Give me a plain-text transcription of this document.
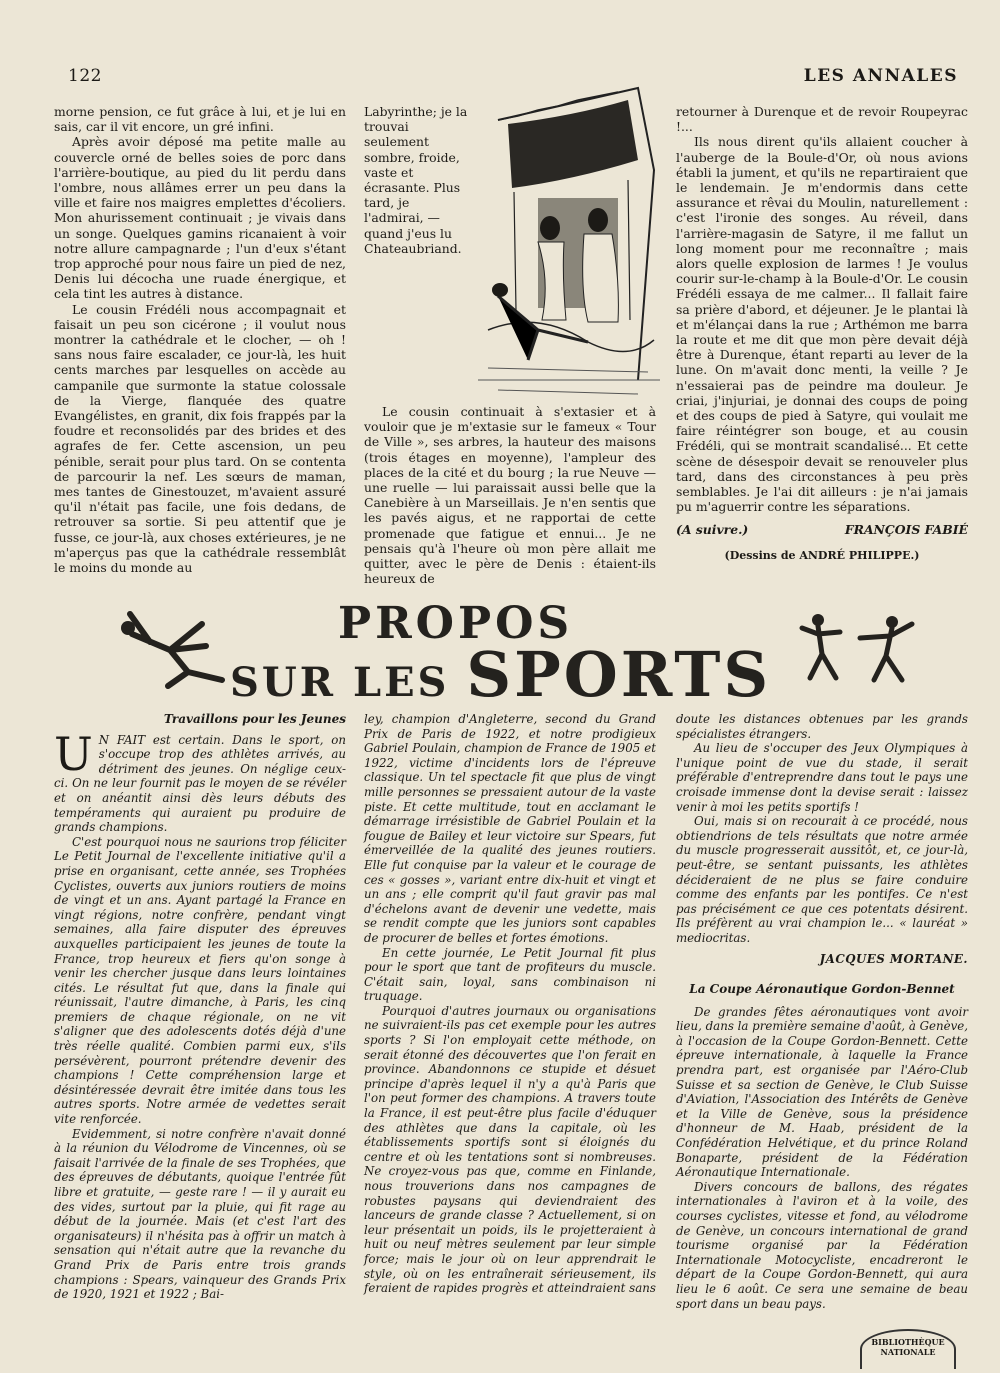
122	LES ANNALES

morne pension, ce fut grâce à lui, et je lui en sais, car il vit encore, un gré infini.

Après avoir déposé ma petite malle au couvercle orné de belles soies de porc dans l'arrière-boutique, au pied du lit perdu dans l'ombre, nous allâmes errer un peu dans la ville et faire nos maigres emplettes d'écoliers. Mon ahurissement continuait ; je vivais dans un songe. Quelques gamins ricanaient à voir notre allure campagnarde ; l'un d'eux s'étant trop approché pour nous faire un pied de nez, Denis lui décocha une ruade énergique, et cela tint les autres à distance.

Le cousin Frédéli nous accompagnait et faisait un peu son cicérone ; il voulut nous montrer la cathédrale et le clocher, — oh ! sans nous faire escalader, ce jour-là, les huit cents marches par lesquelles on accède au campanile que surmonte la statue colossale de la Vierge, flanquée des quatre Evangélistes, en granit, dix fois frappés par la foudre et reconsolidés par des brides et des agrafes de fer. Cette ascension, un peu pénible, serait pour plus tard. On se contenta de parcourir la nef. Les sœurs de maman, mes tantes de Ginestouzet, m'avaient assuré qu'il n'était pas facile, une fois dedans, de retrouver sa sortie. Si peu attentif que je fusse, ce jour-là, aux choses extérieures, je ne m'aperçus pas que la cathédrale ressemblât le moins du monde au

Labyrinthe; je la trouvai seulement sombre, froide, vaste et écrasante. Plus tard, je l'admirai, — quand j'eus lu Chateaubriand.

Le cousin continuait à s'extasier et à vouloir que je m'extasie sur le fameux « Tour de Ville », ses arbres, la hauteur des maisons (trois étages en moyenne), l'ampleur des places de la cité et du bourg ; la rue Neuve — une ruelle — lui paraissait aussi belle que la Canebière à un Marseillais. Je n'en sentis que les pavés aigus, et ne rapportai de cette promenade que fatigue et ennui... Je ne pensais qu'à l'heure où mon père allait me quitter, avec le père de Denis : étaient-ils heureux de

retourner à Durenque et de revoir Roupeyrac !...

Ils nous dirent qu'ils allaient coucher à l'auberge de la Boule-d'Or, où nous avions établi la jument, et qu'ils ne repartiraient que le lendemain. Je m'endormis dans cette assurance et rêvai du Moulin, naturellement : c'est l'ironie des songes. Au réveil, dans l'arrière-magasin de Satyre, il me fallut un long moment pour me reconnaître ; mais alors quelle explosion de larmes ! Je voulus courir sur-le-champ à la Boule-d'Or. Le cousin Frédéli essaya de me calmer... Il fallait faire sa prière d'abord, et déjeuner. Je le plantai là et m'élançai dans la rue ; Arthémon me barra la route et me dit que mon père devait déjà être à Durenque, étant reparti au lever de la lune. On m'avait donc menti, la veille ? Je n'essaierai pas de peindre ma douleur. Je criai, j'injuriai, je donnai des coups de poing et des coups de pied à Satyre, qui voulait me faire réintégrer son bouge, et au cousin Frédéli, qui se montrait scandalisé... Et cette scène de désespoir devait se renouveler plus tard, dans des circonstances à peu près semblables. Je l'ai dit ailleurs : je n'ai jamais pu m'aguerrir contre les séparations.

(A suivre.)	FRANÇOIS FABIÉ
(Dessins de ANDRÉ PHILIPPE.)
PROPOS
SUR LES SPORTS
Travaillons pour les Jeunes

U N FAIT est certain. Dans le sport, on s'occupe trop des athlètes arrivés, au détriment des jeunes. On néglige ceux-ci. On ne leur fournit pas le moyen de se révéler et on anéantit ainsi dès leurs débuts des tempéraments qui auraient pu produire de grands champions.

C'est pourquoi nous ne saurions trop féliciter Le Petit Journal de l'excellente initiative qu'il a prise en organisant, cette année, ses Trophées Cyclistes, ouverts aux juniors routiers de moins de vingt et un ans. Ayant partagé la France en vingt régions, notre confrère, pendant vingt semaines, alla faire disputer des épreuves auxquelles participaient les jeunes de toute la France, trop heureux et fiers qu'on songe à venir les chercher jusque dans leurs lointaines cités. Le résultat fut que, dans la finale qui réunissait, l'autre dimanche, à Paris, les cinq premiers de chaque régionale, on ne vit s'aligner que des adolescents dotés déjà d'une très réelle qualité. Combien parmi eux, s'ils persévèrent, pourront prétendre devenir des champions ! Cette compréhension large et désintéressée devrait être imitée dans tous les autres sports. Notre armée de vedettes serait vite renforcée.

Evidemment, si notre confrère n'avait donné à la réunion du Vélodrome de Vincennes, où se faisait l'arrivée de la finale de ses Trophées, que des épreuves de débutants, quoique l'entrée fût libre et gratuite, — geste rare ! — il y aurait eu des vides, surtout par la pluie, qui fit rage au début de la journée. Mais (et c'est l'art des organisateurs) il n'hésita pas à offrir un match à sensation qui n'était autre que la revanche du Grand Prix de Paris entre trois grands champions : Spears, vainqueur des Grands Prix de 1920, 1921 et 1922 ; Bai-

ley, champion d'Angleterre, second du Grand Prix de Paris de 1922, et notre prodigieux Gabriel Poulain, champion de France de 1905 et 1922, victime d'incidents lors de l'épreuve classique. Un tel spectacle fit que plus de vingt mille personnes se pressaient autour de la vaste piste. Et cette multitude, tout en acclamant le démarrage irrésistible de Gabriel Poulain et la fougue de Bailey et leur victoire sur Spears, fut émerveillée de la qualité des jeunes routiers. Elle fut conquise par la valeur et le courage de ces « gosses », variant entre dix-huit et vingt et un ans ; elle comprit qu'il faut gravir pas mal d'échelons avant de devenir une vedette, mais se rendit compte que les juniors sont capables de procurer de belles et fortes émotions.

En cette journée, Le Petit Journal fit plus pour le sport que tant de profiteurs du muscle. C'était sain, loyal, sans combinaison ni truquage.

Pourquoi d'autres journaux ou organisations ne suivraient-ils pas cet exemple pour les autres sports ? Si l'on employait cette méthode, on serait étonné des découvertes que l'on ferait en province. Abandonnons ce stupide et désuet principe d'après lequel il n'y a qu'à Paris que l'on peut former des champions. A travers toute la France, il est peut-être plus facile d'éduquer des athlètes que dans la capitale, où les établissements sportifs sont si éloignés du centre et où les tentations sont si nombreuses. Ne croyez-vous pas que, comme en Finlande, nous trouverions dans nos campagnes de robustes paysans qui deviendraient des lanceurs de grande classe ? Actuellement, si on leur présentait un poids, ils le projetteraient à huit ou neuf mètres seulement par leur simple force; mais le jour où on leur apprendrait le style, où on les entraînerait sérieusement, ils feraient de rapides progrès et atteindraient sans

doute les distances obtenues par les grands spécialistes étrangers.

Au lieu de s'occuper des Jeux Olympiques à l'unique point de vue du stade, il serait préférable d'entreprendre dans tout le pays une croisade immense dont la devise serait : laissez venir à moi les petits sportifs !

Oui, mais si on recourait à ce procédé, nous obtiendrions de tels résultats que notre armée du muscle progresserait aussitôt, et, ce jour-là, peut-être, se sentant puissants, les athlètes décideraient de ne plus se faire conduire comme des enfants par les pontifes. Ce n'est pas précisément ce que ces potentats désirent. Ils préfèrent au vrai champion le... « lauréat » mediocritas.

JACQUES MORTANE.
La Coupe Aéronautique Gordon-Bennet

De grandes fêtes aéronautiques vont avoir lieu, dans la première semaine d'août, à Genève, à l'occasion de la Coupe Gordon-Bennett. Cette épreuve internationale, à laquelle la France prendra part, est organisée par l'Aéro-Club Suisse et sa section de Genève, le Club Suisse d'Aviation, l'Association des Intérêts de Genève et la Ville de Genève, sous la présidence d'honneur de M. Haab, président de la Confédération Helvétique, et du prince Roland Bonaparte, président de la Fédération Aéronautique Internationale.

Divers concours de ballons, des régates internationales à l'aviron et à la voile, des courses cyclistes, vitesse et fond, au vélodrome de Genève, un concours international de grand tourisme organisé par la Fédération Internationale Motocycliste, encadreront le départ de la Coupe Gordon-Bennett, qui aura lieu le 6 août. Ce sera une semaine de beau sport dans un beau pays.

BIBLIOTHÈQUE NATIONALE
